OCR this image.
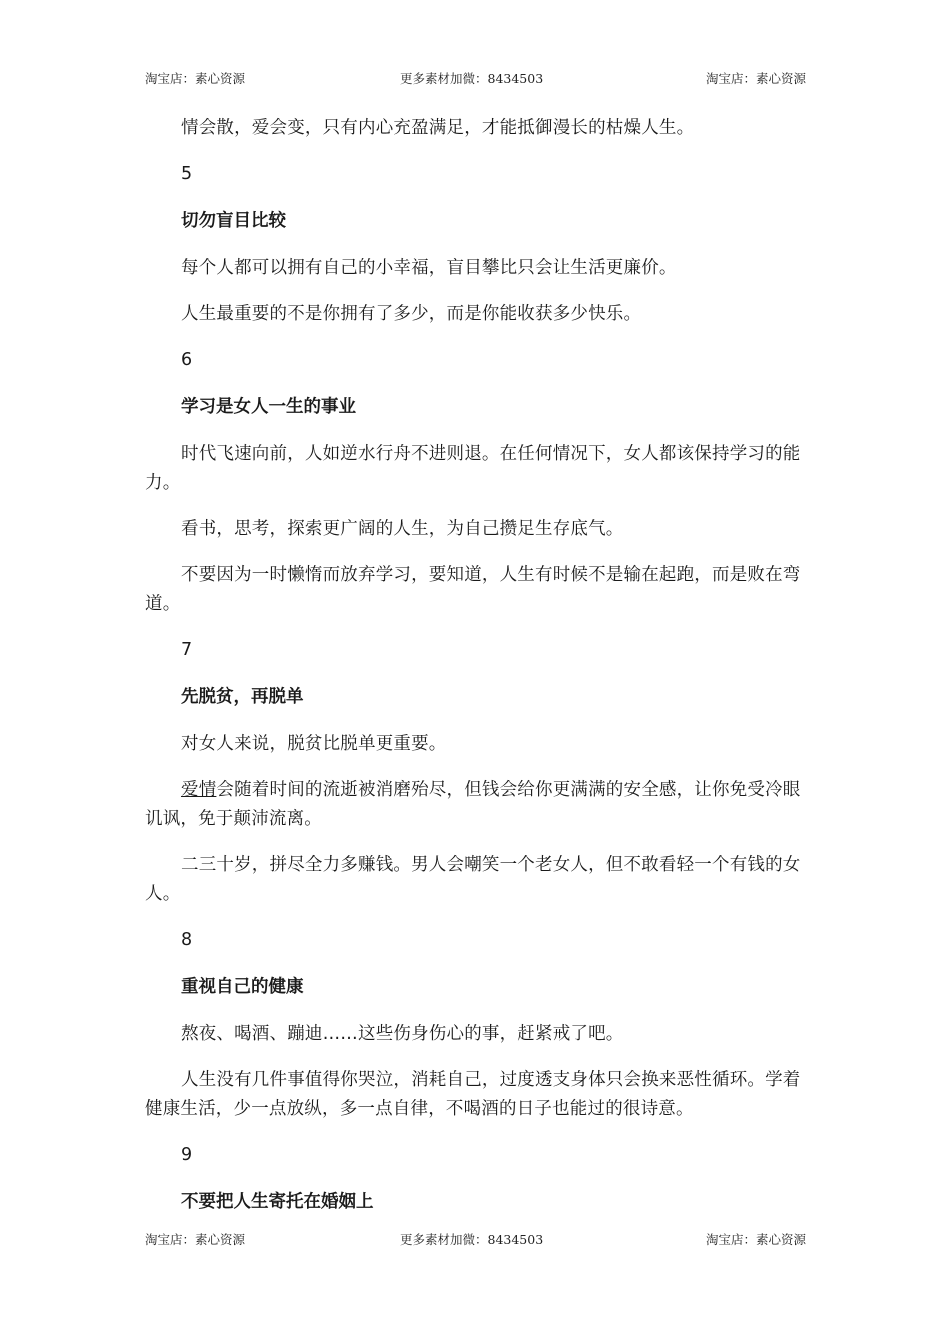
淘宝店：素心资源	更多素材加微：8434503	淘宝店：素心资源

情会散，爱会变，只有内心充盈满足，才能抵御漫长的枯燥人生。

5

切勿盲目比较

每个人都可以拥有自己的小幸福，盲目攀比只会让生活更廉价。

人生最重要的不是你拥有了多少，而是你能收获多少快乐。

6

学习是女人一生的事业

时代飞速向前，人如逆水行舟不进则退。在任何情况下，女人都该保持学习的能力。

看书，思考，探索更广阔的人生，为自己攒足生存底气。

不要因为一时懒惰而放弃学习，要知道，人生有时候不是输在起跑，而是败在弯道。

7

先脱贫，再脱单

对女人来说，脱贫比脱单更重要。

爱情会随着时间的流逝被消磨殆尽，但钱会给你更满满的安全感，让你免受冷眼讥讽，免于颠沛流离。

二三十岁，拼尽全力多赚钱。男人会嘲笑一个老女人，但不敢看轻一个有钱的女人。

8

重视自己的健康

熬夜、喝酒、蹦迪……这些伤身伤心的事，赶紧戒了吧。

人生没有几件事值得你哭泣，消耗自己，过度透支身体只会换来恶性循环。学着健康生活，少一点放纵，多一点自律，不喝酒的日子也能过的很诗意。

9

不要把人生寄托在婚姻上

淘宝店：素心资源	更多素材加微：8434503	淘宝店：素心资源
